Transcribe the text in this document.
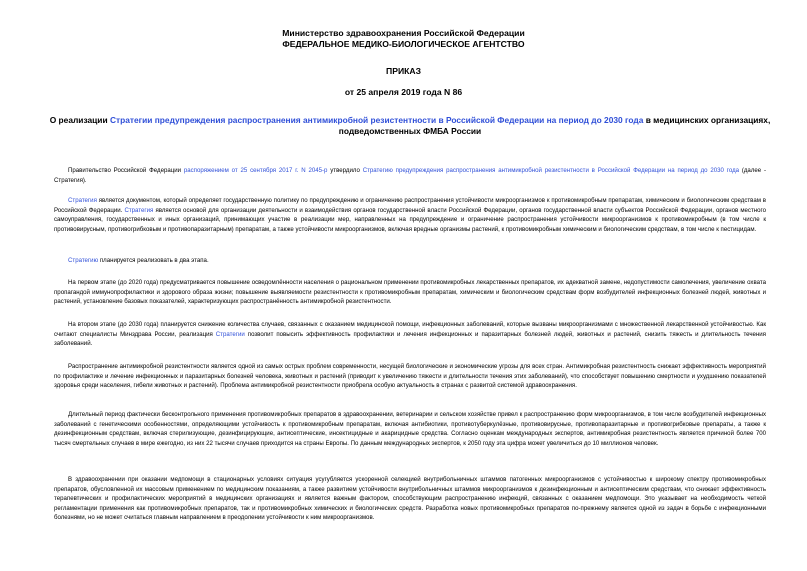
Министерство здравоохранения Российской Федерации
ФЕДЕРАЛЬНОЕ МЕДИКО-БИОЛОГИЧЕСКОЕ АГЕНТСТВО
ПРИКАЗ
от 25 апреля 2019 года N 86
О реализации Стратегии предупреждения распространения антимикробной резистентности в Российской Федерации на период до 2030 года в медицинских организациях, подведомственных ФМБА России
Правительство Российской Федерации распоряжением от 25 сентября 2017 г. N 2045-р утвердило Стратегию предупреждения распространения антимикробной резистентности в Российской Федерации на период до 2030 года (далее - Стратегия).
Стратегия является документом, который определяет государственную политику по предупреждению и ограничению распространения устойчивости микроорганизмов к противомикробным препаратам, химическим и биологическим средствам в Российской Федерации. Стратегия является основой для организации деятельности и взаимодействия органов государственной власти Российской Федерации, органов государственной власти субъектов Российской Федерации, органов местного самоуправления, государственных и иных организаций, принимающих участие в реализации мер, направленных на предупреждение и ограничение распространения устойчивости микроорганизмов к противомикробным (в том числе к противовирусным, противогрибковым и противопаразитарным) препаратам, а также устойчивости микроорганизмов, включая вредные организмы растений, к противомикробным химическим и биологическим средствам, в том числе к пестицидам.
Стратегию планируется реализовать в два этапа.
На первом этапе (до 2020 года) предусматривается повышение осведомлённости населения о рациональном применении противомикробных лекарственных препаратов, их адекватной замене, недопустимости самолечения, увеличение охвата пропагандой иммунопрофилактики и здорового образа жизни; повышение выявляемости резистентности к противомикробным препаратам, химическим и биологическим средствам форм возбудителей инфекционных болезней людей, животных и растений, установление базовых показателей, характеризующих распространённость антимикробной резистентности.
На втором этапе (до 2030 года) планируется снижение количества случаев, связанных с оказанием медицинской помощи, инфекционных заболеваний, которые вызваны микроорганизмами с множественной лекарственной устойчивостью. Как считают специалисты Минздрава России, реализация Стратегии позволит повысить эффективность профилактики и лечения инфекционных и паразитарных болезней людей, животных и растений, снизить тяжесть и длительность течения заболеваний.
Распространение антимикробной резистентности является одной из самых острых проблем современности, несущей биологические и экономические угрозы для всех стран. Антимикробная резистентность снижает эффективность мероприятий по профилактике и лечение инфекционных и паразитарных болезней человека, животных и растений (приводит к увеличению тяжести и длительности течения этих заболеваний), что способствует повышению смертности и ухудшению показателей здоровья среди населения, гибели животных и растений). Проблема антимикробной резистентности приобрела особую актуальность в странах с развитой системой здравоохранения.
Длительный период фактически бесконтрольного применения противомикробных препаратов в здравоохранении, ветеринарии и сельском хозяйстве привел к распространению форм микроорганизмов, в том числе возбудителей инфекционных заболеваний с генетическими особенностями, определяющими устойчивость к противомикробным препаратам, включая антибиотики, противотуберкулёзные, противовирусные, противопаразитарные и противогрибковые препараты, а также к дезинфекционным средствам, включая стерилизующие, дезинфицирующие, антисептические, инсектицидные и акарицидные средства. Согласно оценкам международных экспертов, антимикробная резистентность является причиной более 700 тысяч смертельных случаев в мире ежегодно, из них 22 тысячи случаев приходится на страны Европы. По данным международных экспертов, к 2050 году эта цифра может увеличиться до 10 миллионов человек.
В здравоохранении при оказании медпомощи в стационарных условиях ситуация усугубляется ускоренной селекцией внутрибольничных штаммов патогенных микроорганизмов с устойчивостью к широкому спектру противомикробных препаратов, обусловленной их массовым применением по медицинским показаниям, а также развитием устойчивости внутрибольничных штаммов микроорганизмов к дезинфекционным и антисептическим средствам, что снижает эффективность терапевтических и профилактических мероприятий в медицинских организациях и является важным фактором, способствующим распространению инфекций, связанных с оказанием медпомощи. Это указывает на необходимость четкой регламентации применения как противомикробных препаратов, так и противомикробных химических и биологических средств. Разработка новых противомикробных препаратов по-прежнему является одной из задач в борьбе с инфекционными болезнями, но не может считаться главным направлением в преодолении устойчивости к ним микроорганизмов.
